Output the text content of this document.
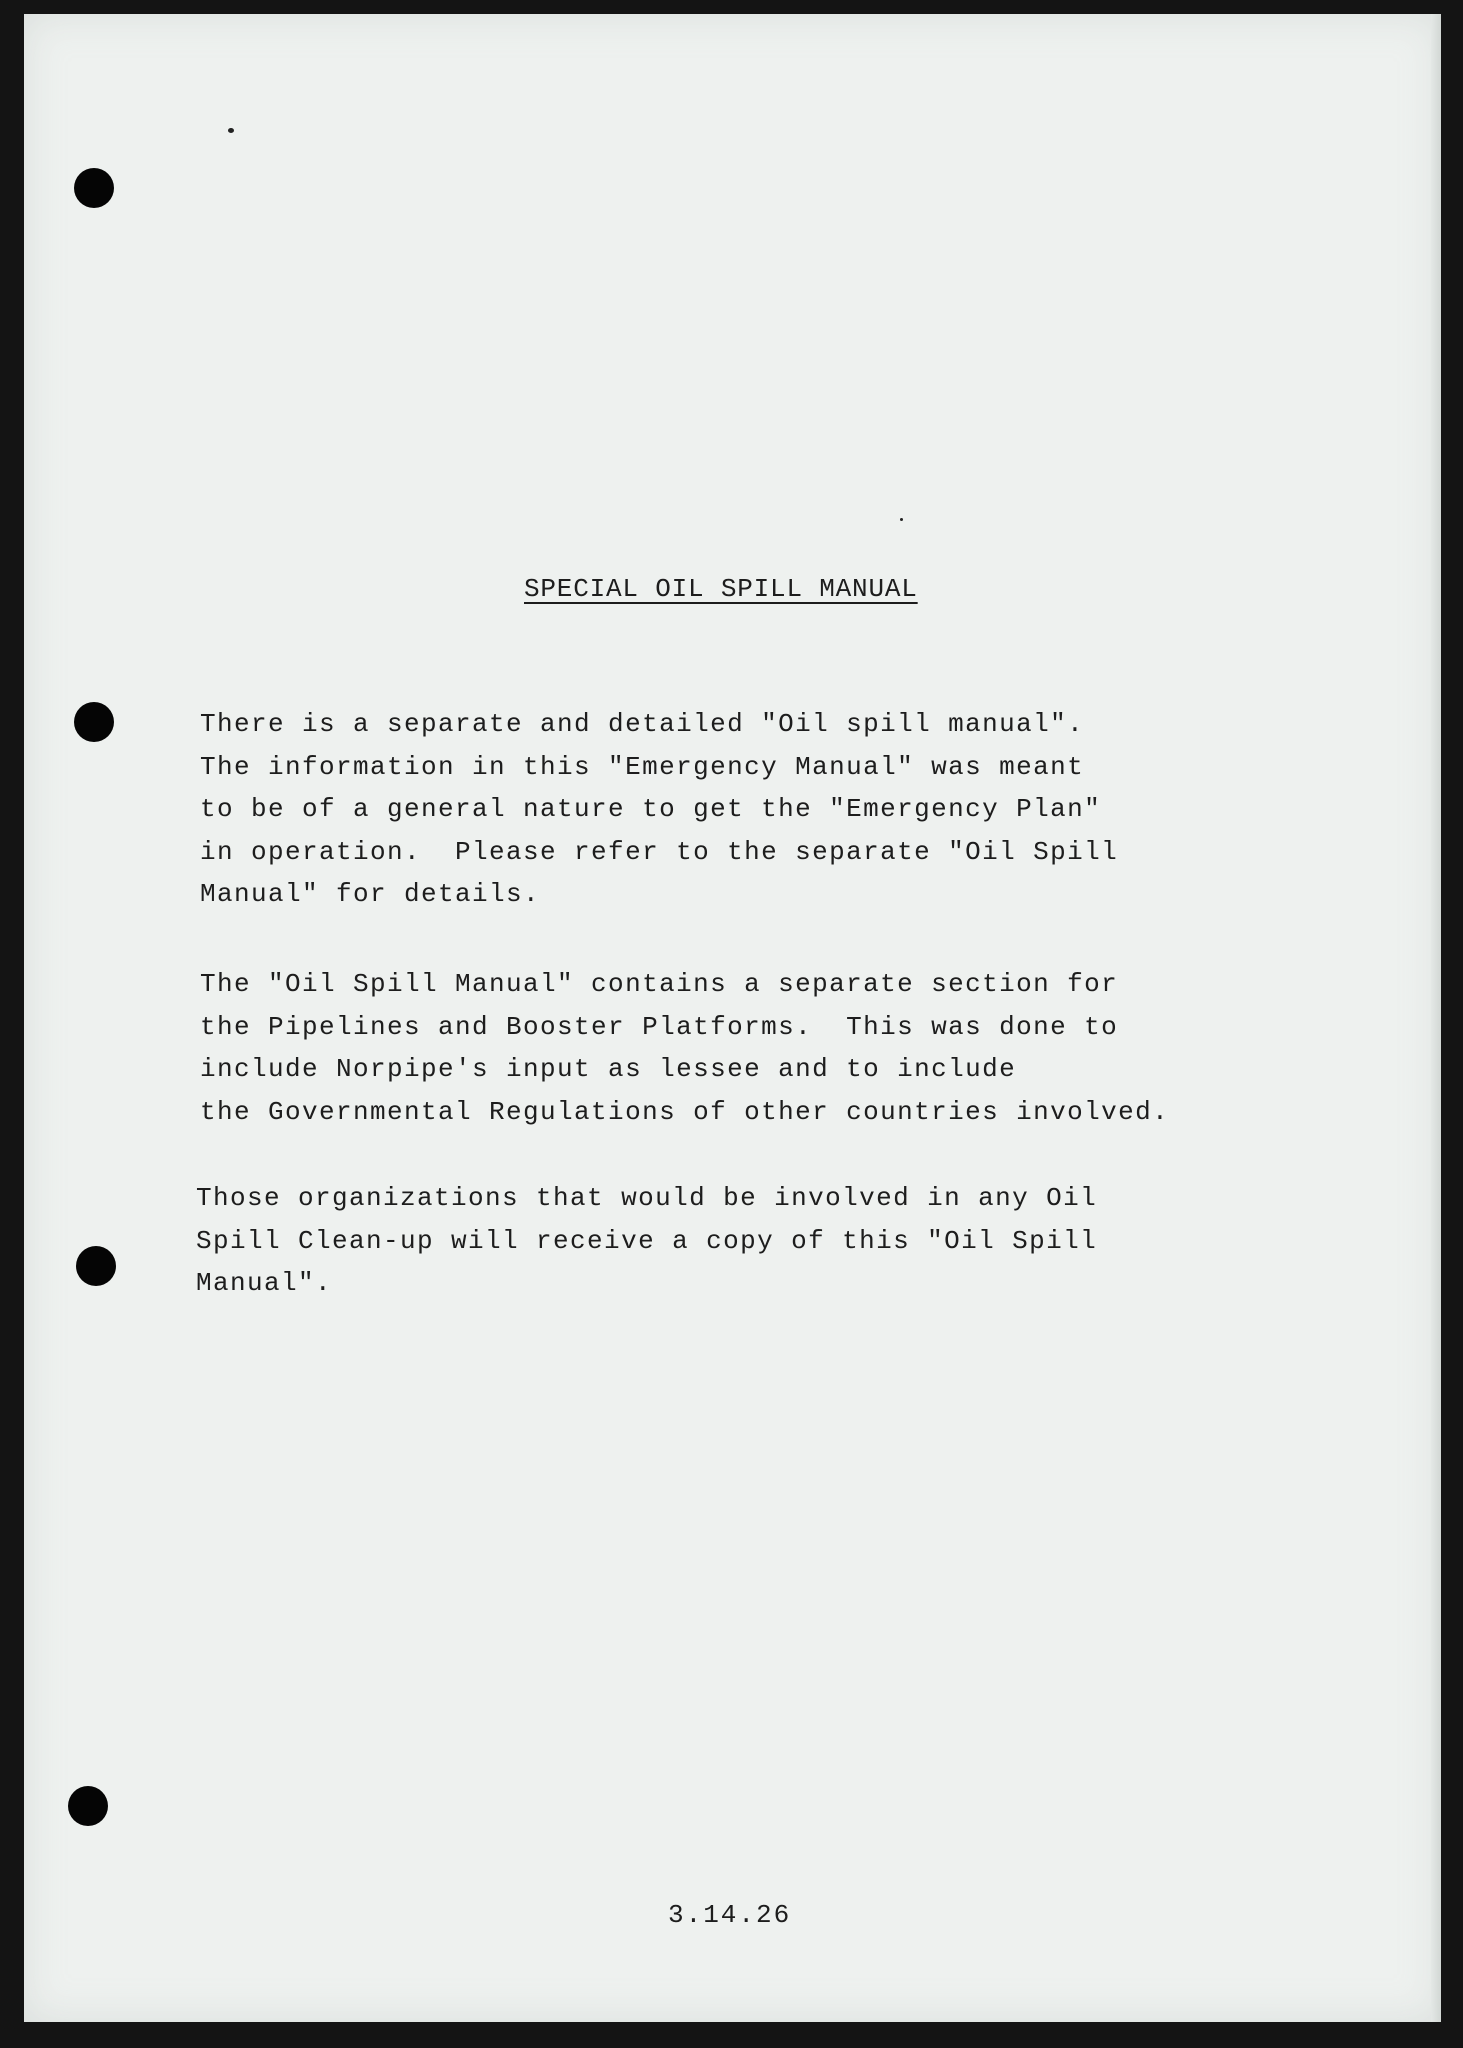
SPECIAL OIL SPILL MANUAL
There is a separate and detailed "Oil spill manual".
The information in this "Emergency Manual" was meant
to be of a general nature to get the "Emergency Plan"
in operation.  Please refer to the separate "Oil Spill
Manual" for details.
The "Oil Spill Manual" contains a separate section for
the Pipelines and Booster Platforms.  This was done to
include Norpipe's input as lessee and to include
the Governmental Regulations of other countries involved.
Those organizations that would be involved in any Oil
Spill Clean-up will receive a copy of this "Oil Spill
Manual".
3.14.26
